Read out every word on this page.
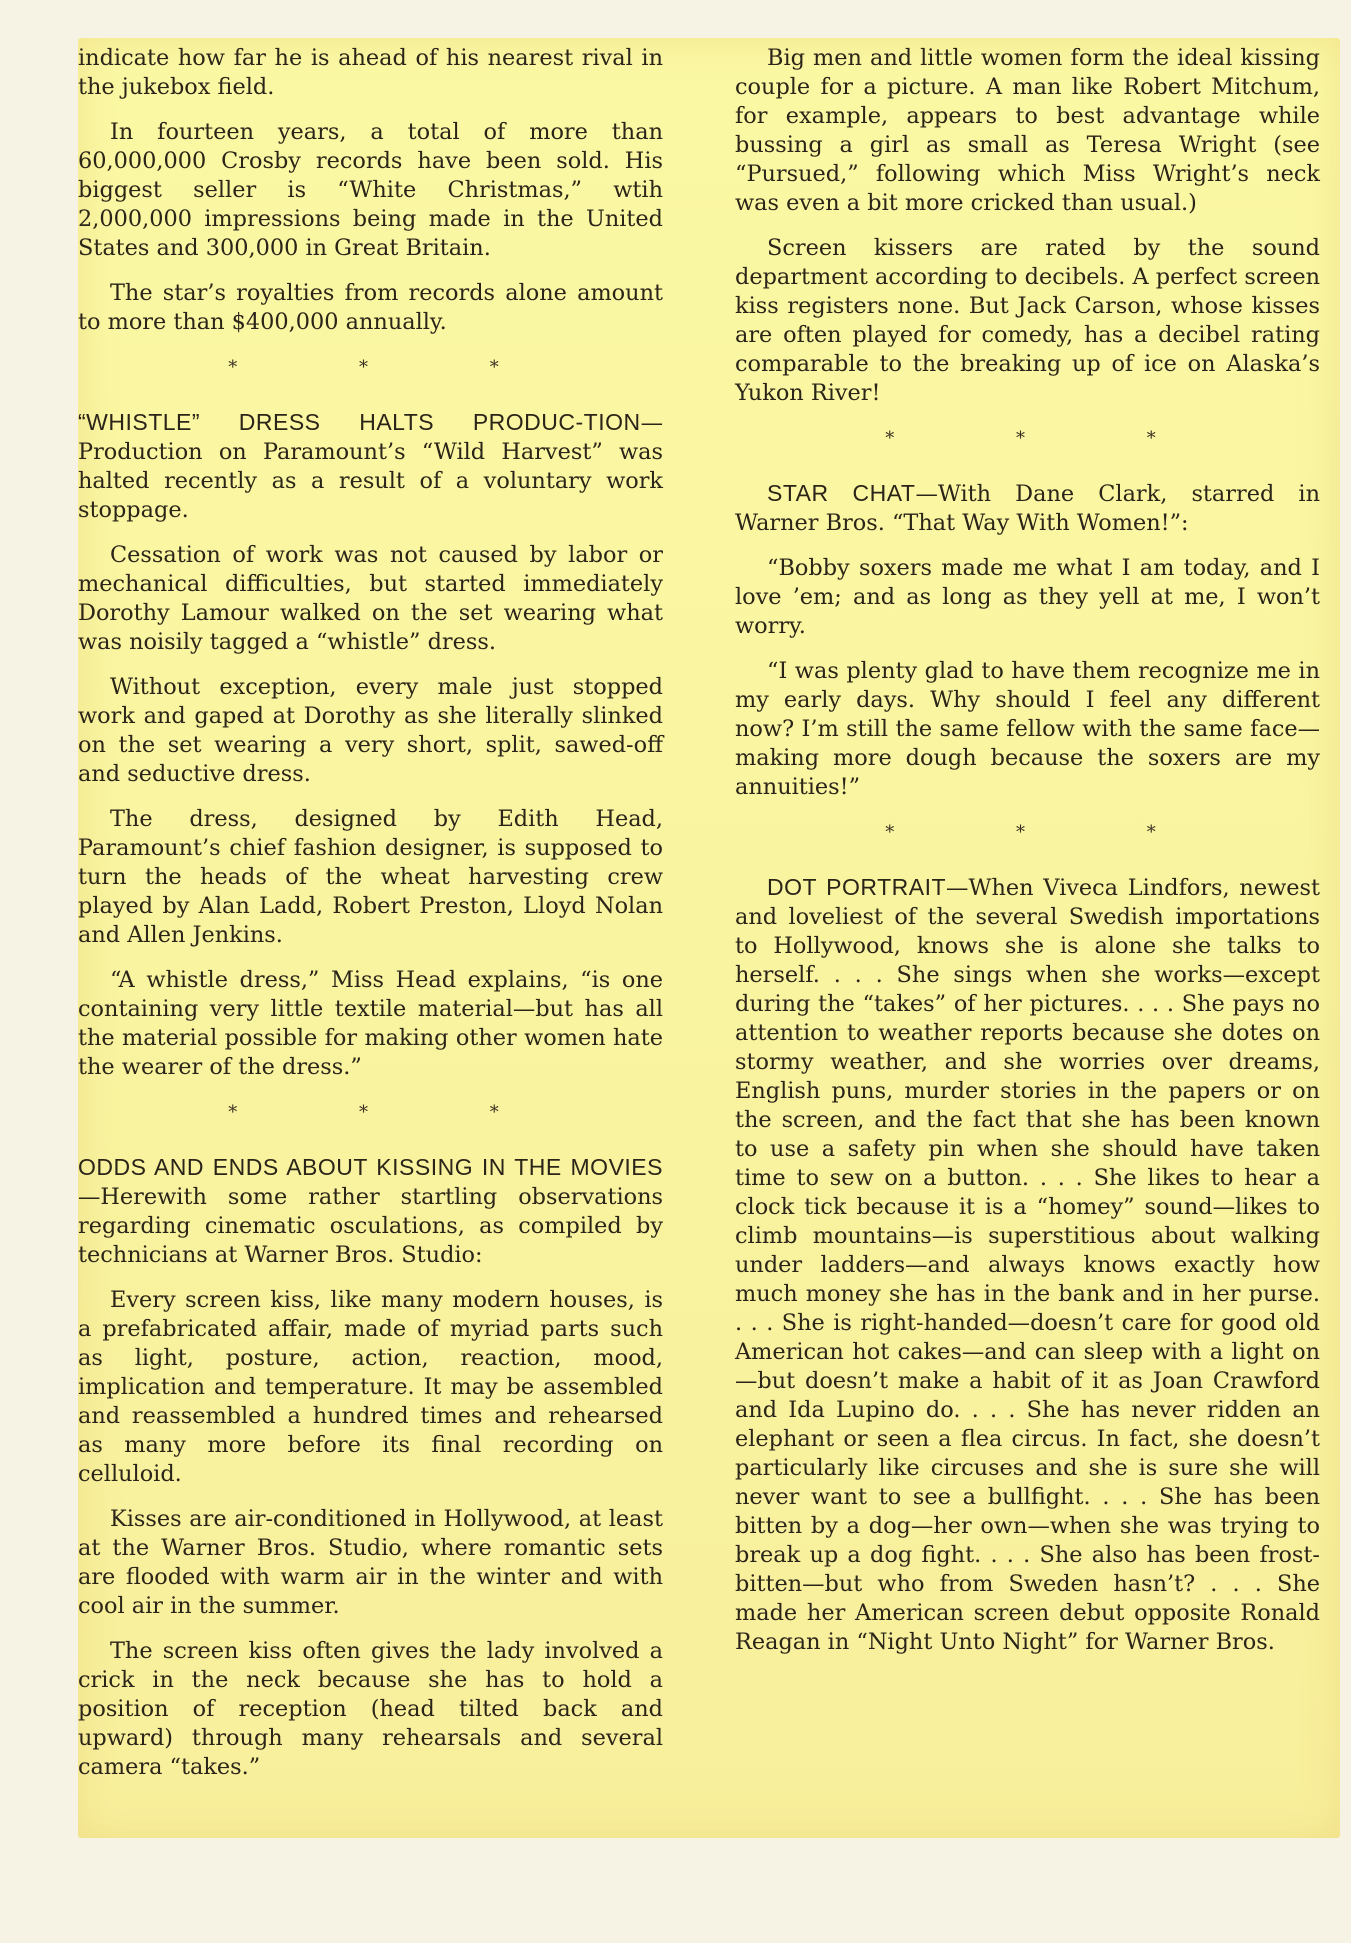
indicate how far he is ahead of his nearest rival in the jukebox field.

In fourteen years, a total of more than 60,000,000 Crosby records have been sold. His biggest seller is “White Christmas,” wtih 2,000,000 impressions being made in the United States and 300,000 in Great Britain.

The star’s royalties from records alone amount to more than $400,000 annually.

* * *

“WHISTLE” DRESS HALTS PRODUC-TION—Production on Paramount’s “Wild Harvest” was halted recently as a result of a voluntary work stoppage.

Cessation of work was not caused by labor or mechanical difficulties, but started immediately Dorothy Lamour walked on the set wearing what was noisily tagged a “whistle” dress.

Without exception, every male just stopped work and gaped at Dorothy as she literally slinked on the set wearing a very short, split, sawed-off and seductive dress.

The dress, designed by Edith Head, Paramount’s chief fashion designer, is supposed to turn the heads of the wheat harvesting crew played by Alan Ladd, Robert Preston, Lloyd Nolan and Allen Jenkins.

“A whistle dress,” Miss Head explains, “is one containing very little textile material—but has all the material possible for making other women hate the wearer of the dress.”

* * *

ODDS AND ENDS ABOUT KISSING IN THE MOVIES—Herewith some rather startling observations regarding cinematic osculations, as compiled by technicians at Warner Bros. Studio:

Every screen kiss, like many modern houses, is a prefabricated affair, made of myriad parts such as light, posture, action, reaction, mood, implication and temperature. It may be assembled and reassembled a hundred times and rehearsed as many more before its final recording on celluloid.

Kisses are air-conditioned in Hollywood, at least at the Warner Bros. Studio, where romantic sets are flooded with warm air in the winter and with cool air in the summer.

The screen kiss often gives the lady involved a crick in the neck because she has to hold a position of reception (head tilted back and upward) through many rehearsals and several camera “takes.”

Big men and little women form the ideal kissing couple for a picture. A man like Robert Mitchum, for example, appears to best advantage while bussing a girl as small as Teresa Wright (see “Pursued,” following which Miss Wright’s neck was even a bit more cricked than usual.)

Screen kissers are rated by the sound department according to decibels. A perfect screen kiss registers none. But Jack Carson, whose kisses are often played for comedy, has a decibel rating comparable to the breaking up of ice on Alaska’s Yukon River!

* * *

STAR CHAT—With Dane Clark, starred in Warner Bros. “That Way With Women!”:

“Bobby soxers made me what I am today, and I love ’em; and as long as they yell at me, I won’t worry.

“I was plenty glad to have them recognize me in my early days. Why should I feel any different now? I’m still the same fellow with the same face—making more dough because the soxers are my annuities!”

* * *

DOT PORTRAIT—When Viveca Lindfors, newest and loveliest of the several Swedish importations to Hollywood, knows she is alone she talks to herself. . . . She sings when she works—except during the “takes” of her pictures. . . . She pays no attention to weather reports because she dotes on stormy weather, and she worries over dreams, English puns, murder stories in the papers or on the screen, and the fact that she has been known to use a safety pin when she should have taken time to sew on a button. . . . She likes to hear a clock tick because it is a “homey” sound—likes to climb mountains—is superstitious about walking under ladders—and always knows exactly how much money she has in the bank and in her purse. . . . She is right-handed—doesn’t care for good old American hot cakes—and can sleep with a light on—but doesn’t make a habit of it as Joan Crawford and Ida Lupino do. . . . She has never ridden an elephant or seen a flea circus. In fact, she doesn’t particularly like circuses and she is sure she will never want to see a bullfight. . . . She has been bitten by a dog—her own—when she was trying to break up a dog fight. . . . She also has been frost-bitten—but who from Sweden hasn’t? . . . She made her American screen debut opposite Ronald Reagan in “Night Unto Night” for Warner Bros.
